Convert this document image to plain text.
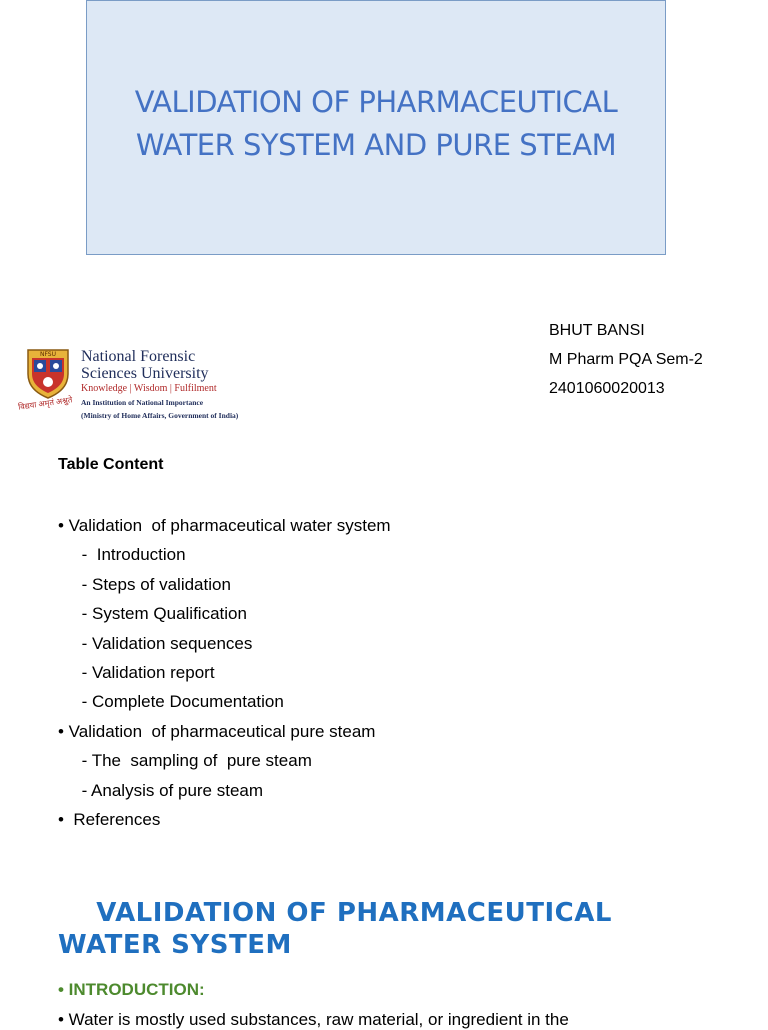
VALIDATION OF PHARMACEUTICAL
WATER SYSTEM AND PURE STEAM
BHUT BANSI
M Pharm PQA Sem-2
2401060020013
NFSU National Forensic
Sciences University
Knowledge | Wisdom | Fulfilment
An Institution of National Importance
(Ministry of Home Affairs, Government of India)
विद्यया अमृतं अश्नुते
Table Content
• Validation  of pharmaceutical water system
-  Introduction
- Steps of validation
- System Qualification
- Validation sequences
- Validation report
- Complete Documentation
• Validation  of pharmaceutical pure steam
- The  sampling of  pure steam
- Analysis of pure steam
•  References
VALIDATION OF PHARMACEUTICAL
WATER SYSTEM
• INTRODUCTION:
• Water is mostly used substances, raw material, or ingredient in the
